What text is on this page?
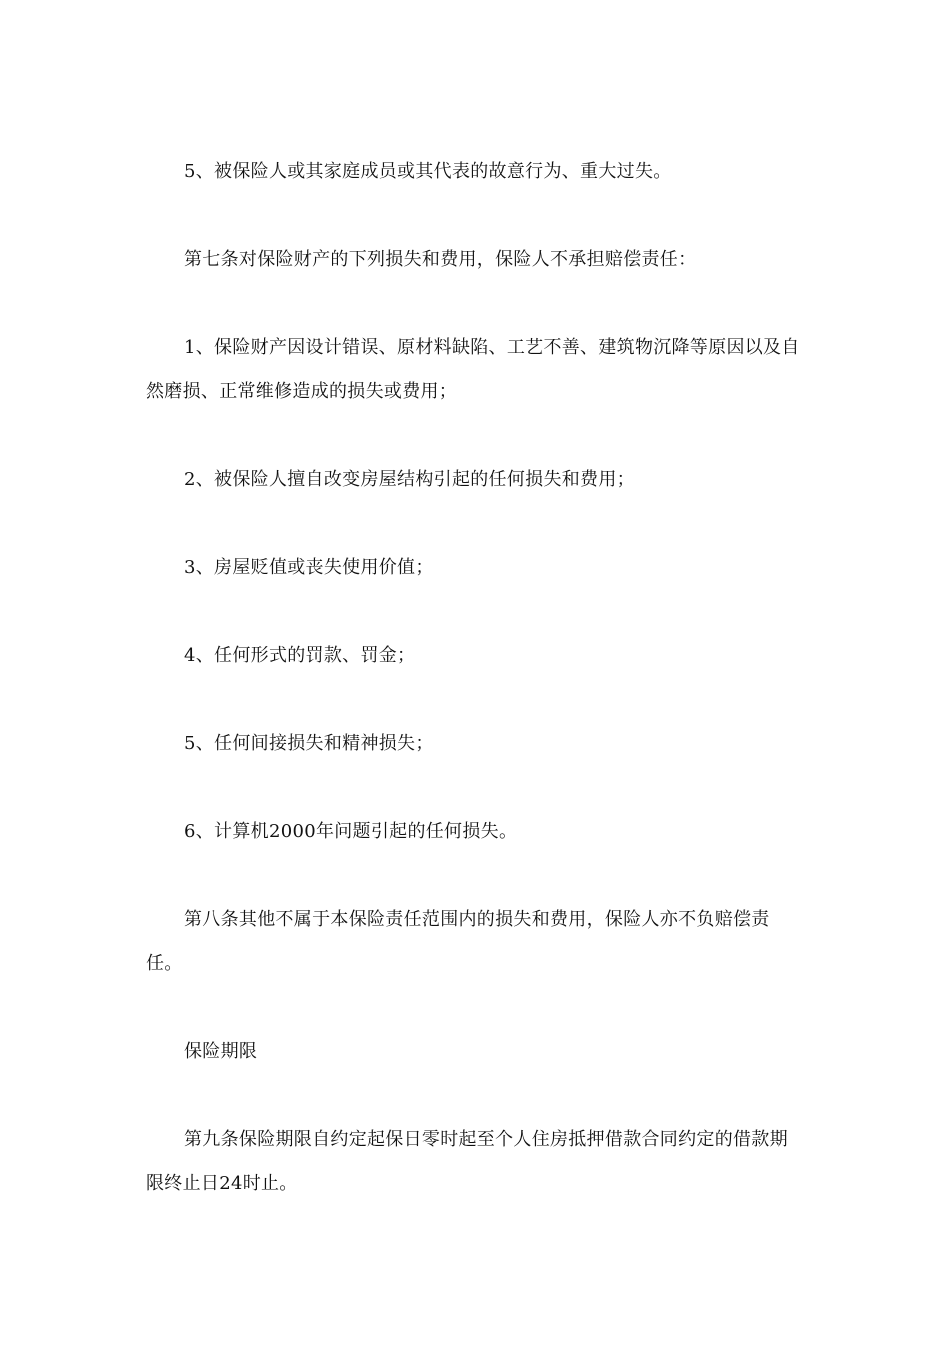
5、被保险人或其家庭成员或其代表的故意行为、重大过失。

第七条对保险财产的下列损失和费用，保险人不承担赔偿责任：

1、保险财产因设计错误、原材料缺陷、工艺不善、建筑物沉降等原因以及自然磨损、正常维修造成的损失或费用；

2、被保险人擅自改变房屋结构引起的任何损失和费用；

3、房屋贬值或丧失使用价值；

4、任何形式的罚款、罚金；

5、任何间接损失和精神损失；

6、计算机2000年问题引起的任何损失。

第八条其他不属于本保险责任范围内的损失和费用，保险人亦不负赔偿责任。

保险期限

第九条保险期限自约定起保日零时起至个人住房抵押借款合同约定的借款期限终止日24时止。
